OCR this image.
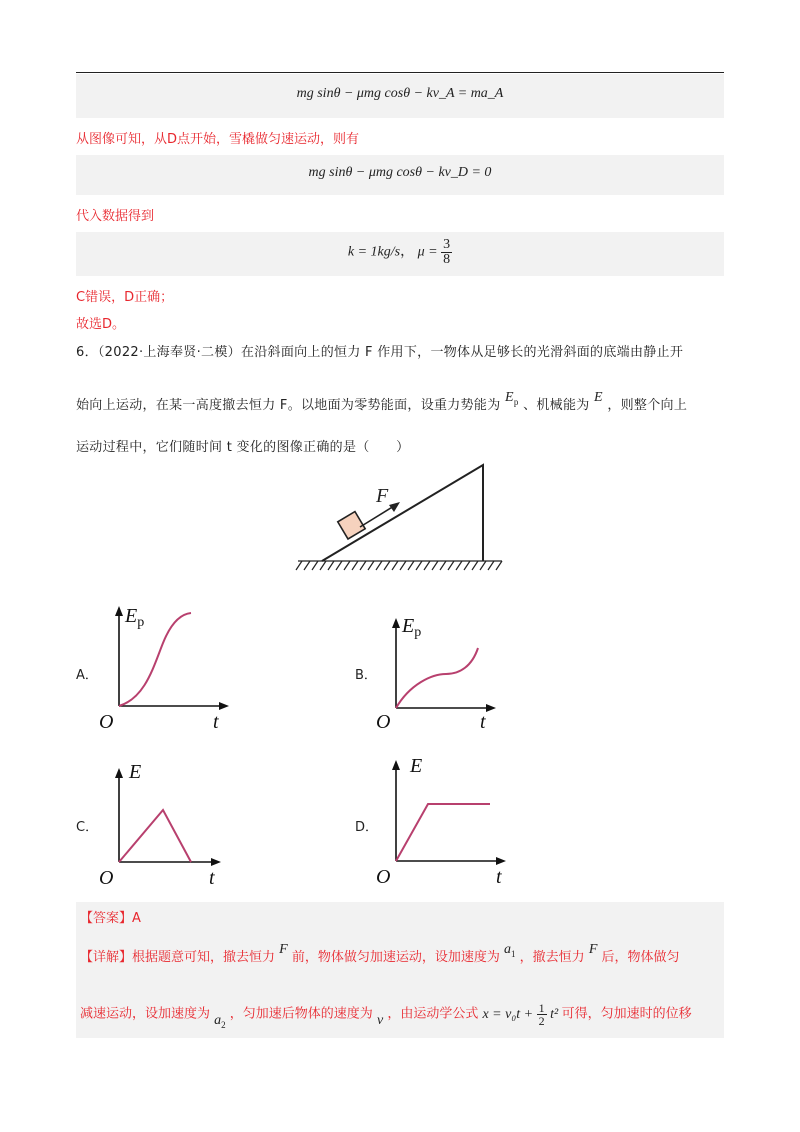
mg sinθ − μmg cosθ − kv_A = ma_A
从图像可知，从D点开始，雪橇做匀速运动，则有
mg sinθ − μmg cosθ − kv_D = 0
代入数据得到
k = 1kg/s， $\mu = \frac{3}{8}$
C错误，D正确；
故选D。
6．（2022·上海奉贤·二模）在沿斜面向上的恒力 F 作用下，一物体从足够长的光滑斜面的底端由静止开
始向上运动，在某一高度撤去恒力 F。以地面为零势能面，设重力势能为 $E_p$ 、机械能为 E ，则整个向上
运动过程中，它们随时间 t 变化的图像正确的是（　　）
F
A．
$E_p$
O	t
B．
$E_p$
O	t
C．
E
O	t
D．
E
O	t
【答案】A
【详解】根据题意可知，撤去恒力 F 前，物体做匀加速运动，设加速度为 $a_1$ ，撤去恒力 F 后，物体做匀
减速运动，设加速度为 $a_2$ ，匀加速后物体的速度为 v ，由运动学公式 $x = v_0t + \frac{1}{2} t^2$ 可得，匀加速时的位移
